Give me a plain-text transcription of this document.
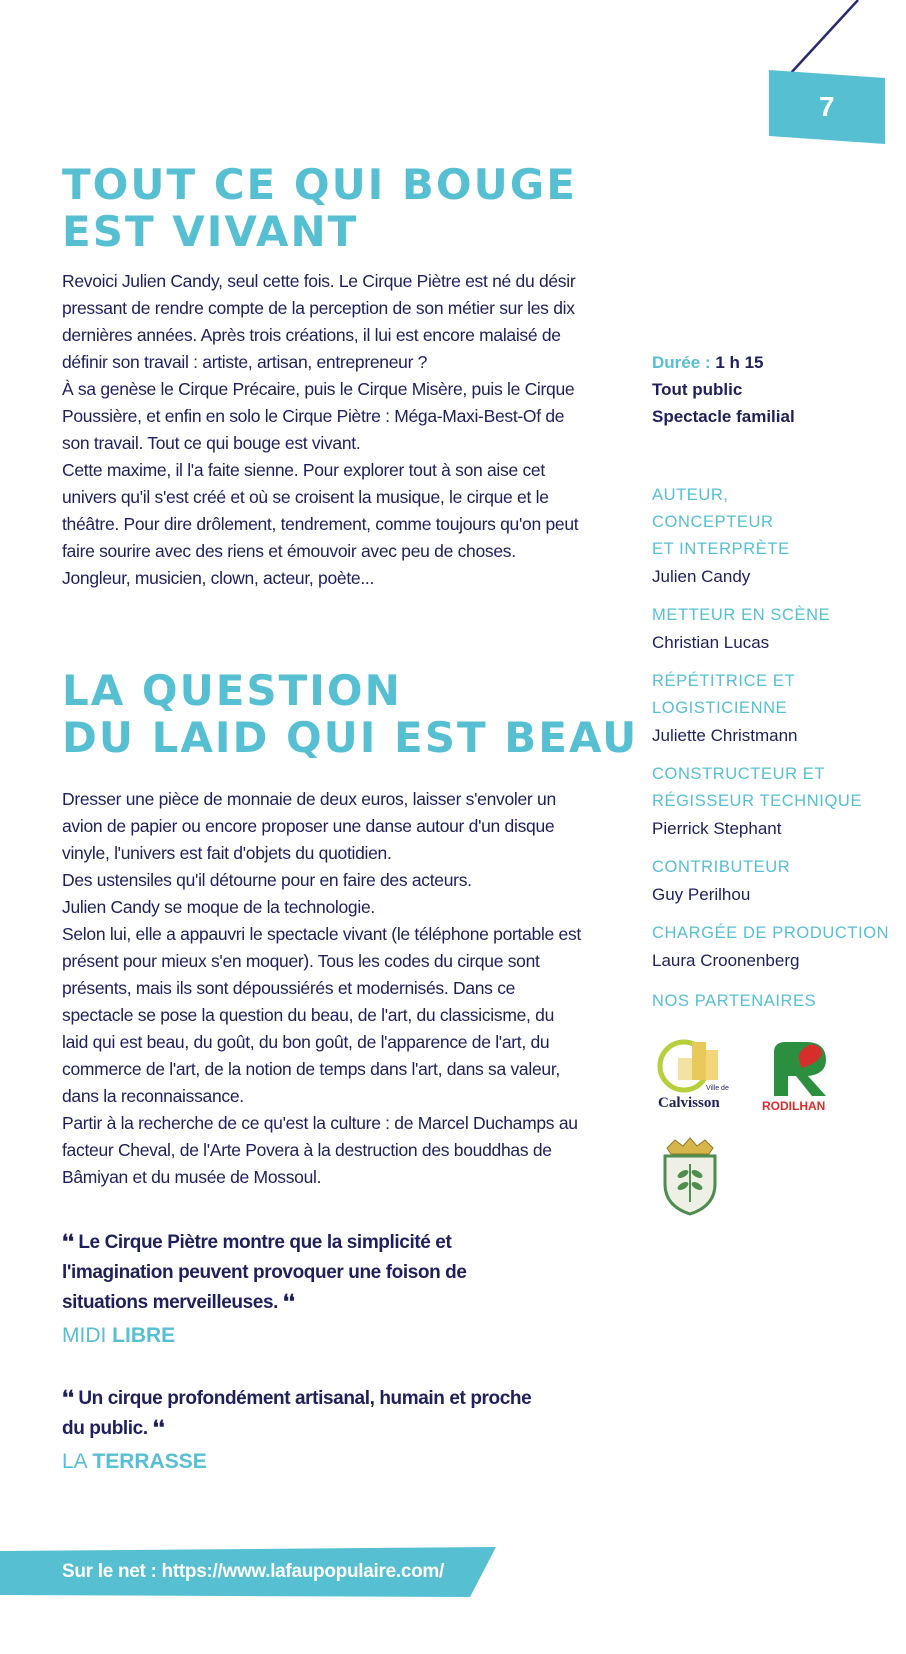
7
TOUT CE QUI BOUGE
EST VIVANT

Revoici Julien Candy, seul cette fois. Le Cirque Piètre est né du désir pressant de rendre compte de la perception de son métier sur les dix dernières années. Après trois créations, il lui est encore malaisé de définir son travail : artiste, artisan, entrepreneur ?

À sa genèse le Cirque Précaire, puis le Cirque Misère, puis le Cirque Poussière, et enfin en solo le Cirque Piètre : Méga-Maxi-Best-Of de son travail. Tout ce qui bouge est vivant.

Cette maxime, il l'a faite sienne. Pour explorer tout à son aise cet univers qu'il s'est créé et où se croisent la musique, le cirque et le théâtre. Pour dire drôlement, tendrement, comme toujours qu'on peut faire sourire avec des riens et émouvoir avec peu de choses. Jongleur, musicien, clown, acteur, poète...

LA QUESTION
DU LAID QUI EST BEAU

Dresser une pièce de monnaie de deux euros, laisser s'envoler un avion de papier ou encore proposer une danse autour d'un disque vinyle, l'univers est fait d'objets du quotidien.

Des ustensiles qu'il détourne pour en faire des acteurs.

Julien Candy se moque de la technologie.

Selon lui, elle a appauvri le spectacle vivant (le téléphone portable est présent pour mieux s'en moquer). Tous les codes du cirque sont présents, mais ils sont dépoussiérés et modernisés. Dans ce spectacle se pose la question du beau, de l'art, du classicisme, du laid qui est beau, du goût, du bon goût, de l'apparence de l'art, du commerce de l'art, de la notion de temps dans l'art, dans sa valeur, dans la reconnaissance.

Partir à la recherche de ce qu'est la culture : de Marcel Duchamps au facteur Cheval, de l'Arte Povera à la destruction des bouddhas de Bâmiyan et du musée de Mossoul.

Durée : 1 h 15
Tout public
Spectacle familial
AUTEUR,
CONCEPTEUR
ET INTERPRÈTE
Julien Candy
METTEUR EN SCÈNE
Christian Lucas
RÉPÉTITRICE ET
LOGISTICIENNE
Juliette Christmann
CONSTRUCTEUR ET
RÉGISSEUR TECHNIQUE
Pierrick Stephant
CONTRIBUTEUR
Guy Perilhou
CHARGÉE DE PRODUCTION
Laura Croonenberg
NOS PARTENAIRES
Ville de
Calvisson	RODILHAN
❛❛ Le Cirque Piètre montre que la simplicité et l'imagination peuvent provoquer une foison de situations merveilleuses. ❛❛
MIDI LIBRE
❛❛ Un cirque profondément artisanal, humain et proche du public. ❛❛
LA TERRASSE
Sur le net : https://www.lafaupopulaire.com/
